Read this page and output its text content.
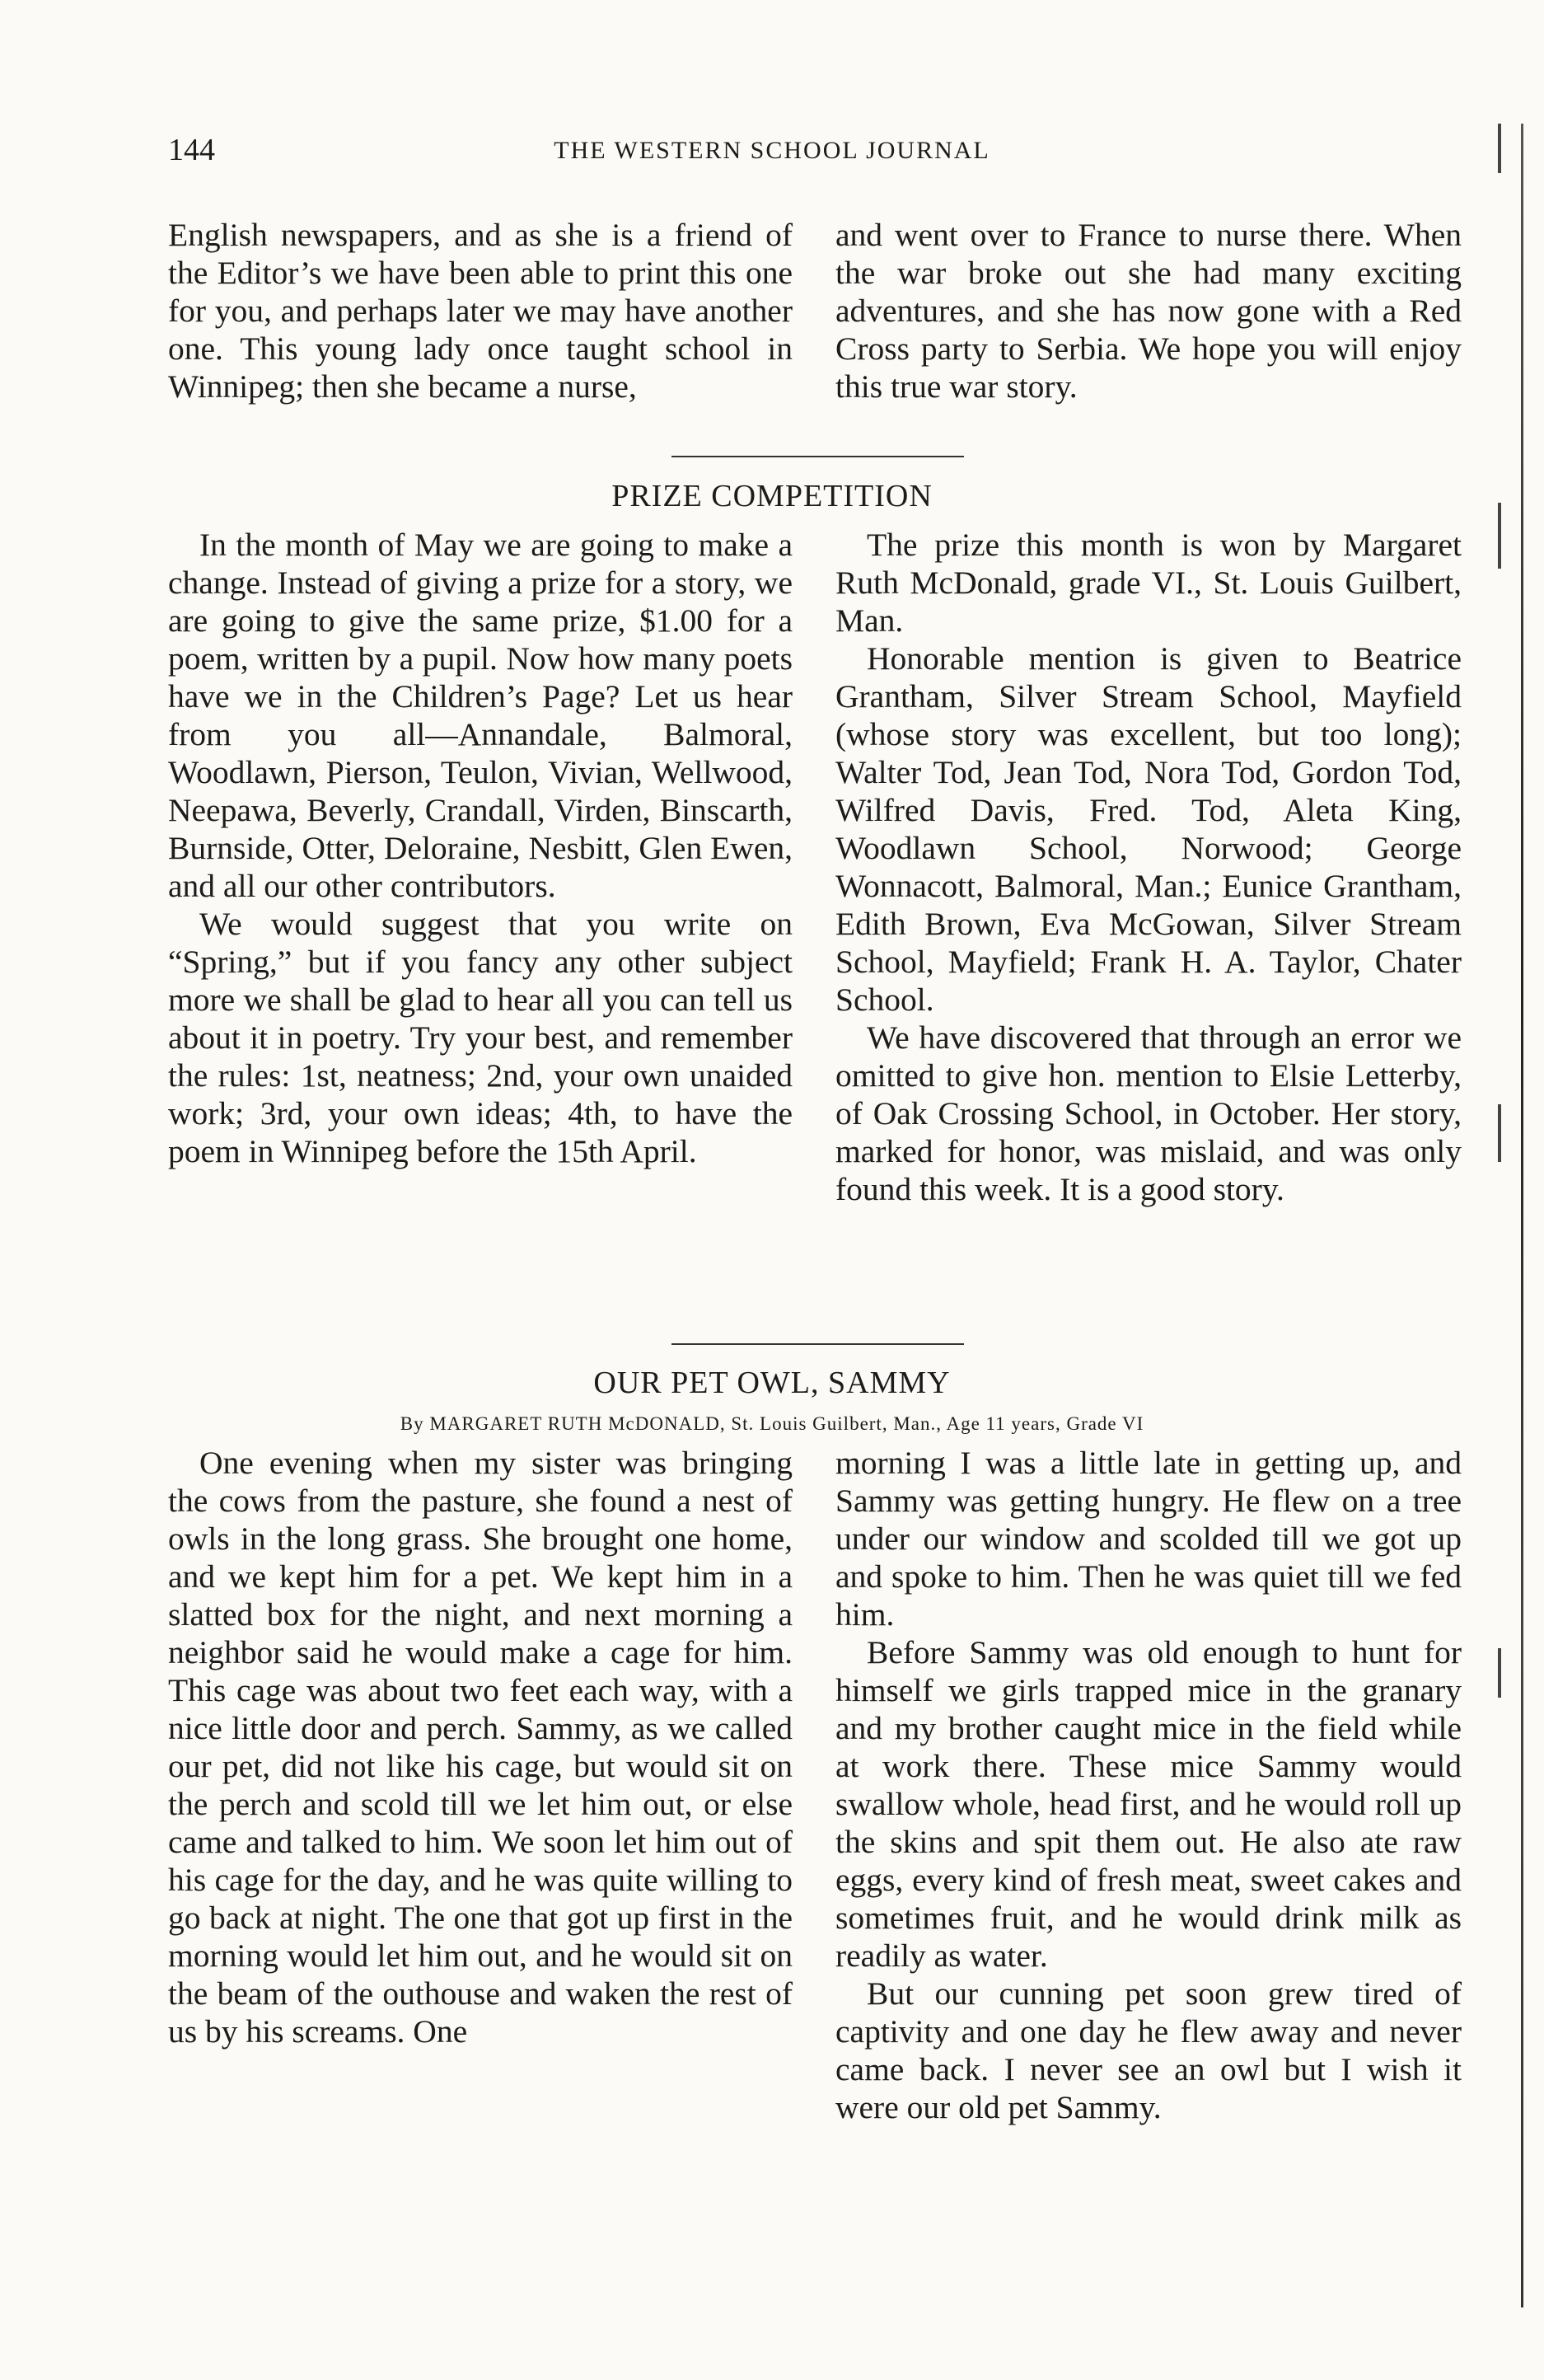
144	THE WESTERN SCHOOL JOURNAL

English newspapers, and as she is a friend of the Editor’s we have been able to print this one for you, and perhaps later we may have another one. This young lady once taught school in Winnipeg; then she became a nurse,

and went over to France to nurse there. When the war broke out she had many exciting adventures, and she has now gone with a Red Cross party to Serbia. We hope you will enjoy this true war story.

PRIZE COMPETITION

In the month of May we are going to make a change. Instead of giving a prize for a story, we are going to give the same prize, $1.00 for a poem, written by a pupil. Now how many poets have we in the Children’s Page? Let us hear from you all—Annandale, Balmoral, Woodlawn, Pierson, Teulon, Vivian, Wellwood, Neepawa, Beverly, Crandall, Virden, Binscarth, Burnside, Otter, Deloraine, Nesbitt, Glen Ewen, and all our other contributors.

We would suggest that you write on “Spring,” but if you fancy any other subject more we shall be glad to hear all you can tell us about it in poetry. Try your best, and remember the rules: 1st, neatness; 2nd, your own unaided work; 3rd, your own ideas; 4th, to have the poem in Winnipeg before the 15th April.

The prize this month is won by Margaret Ruth McDonald, grade VI., St. Louis Guilbert, Man.

Honorable mention is given to Beatrice Grantham, Silver Stream School, Mayfield (whose story was excellent, but too long); Walter Tod, Jean Tod, Nora Tod, Gordon Tod, Wilfred Davis, Fred. Tod, Aleta King, Woodlawn School, Norwood; George Wonnacott, Balmoral, Man.; Eunice Grantham, Edith Brown, Eva McGowan, Silver Stream School, Mayfield; Frank H. A. Taylor, Chater School.

We have discovered that through an error we omitted to give hon. mention to Elsie Letterby, of Oak Crossing School, in October. Her story, marked for honor, was mislaid, and was only found this week. It is a good story.

OUR PET OWL, SAMMY
By MARGARET RUTH McDONALD, St. Louis Guilbert, Man., Age 11 years, Grade VI

One evening when my sister was bringing the cows from the pasture, she found a nest of owls in the long grass. She brought one home, and we kept him for a pet. We kept him in a slatted box for the night, and next morning a neighbor said he would make a cage for him. This cage was about two feet each way, with a nice little door and perch. Sammy, as we called our pet, did not like his cage, but would sit on the perch and scold till we let him out, or else came and talked to him. We soon let him out of his cage for the day, and he was quite willing to go back at night. The one that got up first in the morning would let him out, and he would sit on the beam of the outhouse and waken the rest of us by his screams. One

morning I was a little late in getting up, and Sammy was getting hungry. He flew on a tree under our window and scolded till we got up and spoke to him. Then he was quiet till we fed him.

Before Sammy was old enough to hunt for himself we girls trapped mice in the granary and my brother caught mice in the field while at work there. These mice Sammy would swallow whole, head first, and he would roll up the skins and spit them out. He also ate raw eggs, every kind of fresh meat, sweet cakes and sometimes fruit, and he would drink milk as readily as water.

But our cunning pet soon grew tired of captivity and one day he flew away and never came back. I never see an owl but I wish it were our old pet Sammy.
